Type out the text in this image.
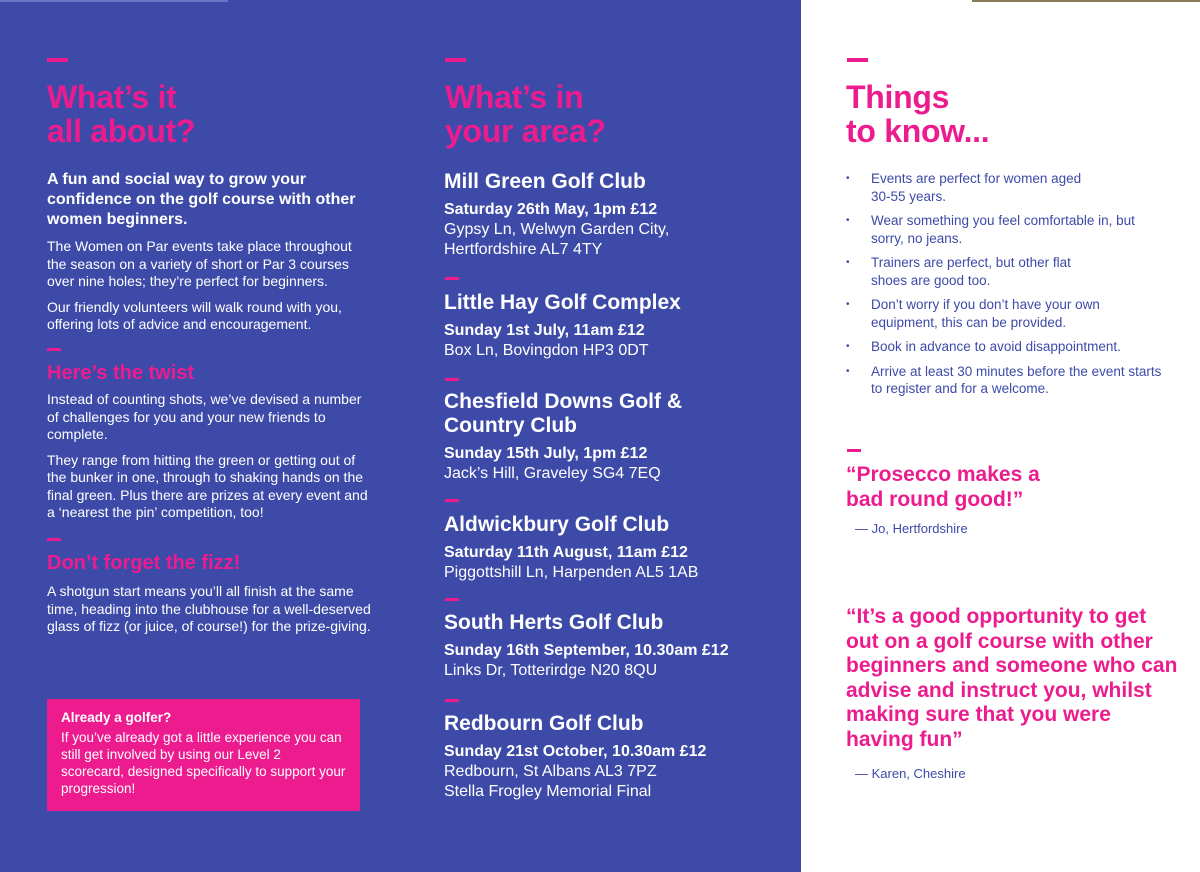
What’s it
all about?
A fun and social way to grow your confidence on the golf course with other women beginners.
The Women on Par events take place throughout the season on a variety of short or Par 3 courses over nine holes; they’re perfect for beginners.
Our friendly volunteers will walk round with you, offering lots of advice and encouragement.
Here’s the twist
Instead of counting shots, we’ve devised a number of challenges for you and your new friends to complete.
They range from hitting the green or getting out of the bunker in one, through to shaking hands on the final green. Plus there are prizes at every event and a ‘nearest the pin’ competition, too!
Don’t forget the fizz!
A shotgun start means you’ll all finish at the same time, heading into the clubhouse for a well-deserved glass of fizz (or juice, of course!) for the prize-giving.
Already a golfer?
If you’ve already got a little experience you can still get involved by using our Level 2 scorecard, designed specifically to support your progression!
What’s in
your area?
Mill Green Golf Club
Saturday 26th May, 1pm £12
Gypsy Ln, Welwyn Garden City,
Hertfordshire AL7 4TY
Little Hay Golf Complex
Sunday 1st July, 11am £12
Box Ln, Bovingdon HP3 0DT
Chesfield Downs Golf & Country Club
Sunday 15th July, 1pm £12
Jack’s Hill, Graveley SG4 7EQ
Aldwickbury Golf Club
Saturday 11th August, 11am £12
Piggottshill Ln, Harpenden AL5 1AB
South Herts Golf Club
Sunday 16th September, 10.30am £12
Links Dr, Totterirdge N20 8QU
Redbourn Golf Club
Sunday 21st October, 10.30am £12
Redbourn, St Albans AL3 7PZ
Stella Frogley Memorial Final
Things
to know...
• Events are perfect for women aged 30-55 years.
• Wear something you feel comfortable in, but sorry, no jeans.
• Trainers are perfect, but other flat shoes are good too.
• Don’t worry if you don’t have your own equipment, this can be provided.
• Book in advance to avoid disappointment.
• Arrive at least 30 minutes before the event starts to register and for a welcome.
“Prosecco makes a bad round good!”
— Jo, Hertfordshire
“It’s a good opportunity to get out on a golf course with other beginners and someone who can advise and instruct you, whilst making sure that you were having fun”
— Karen, Cheshire
